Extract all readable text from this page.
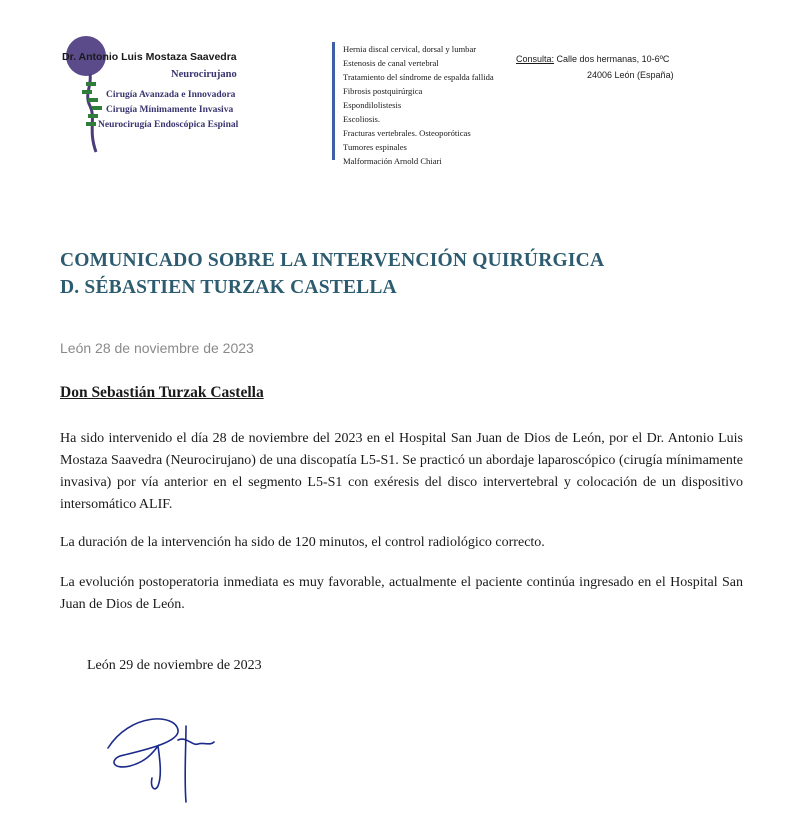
Dr. Antonio Luis Mostaza Saavedra
Neurocirujano
Cirugía Avanzada e Innovadora
Cirugía Mínimamente Invasiva
Neurocirugía Endoscópica Espinal
Hernia discal cervical, dorsal y lumbar
Estenosis de canal vertebral
Tratamiento del síndrome de espalda fallida
Fibrosis postquirúrgica
Espondilolistesis
Escoliosis.
Fracturas vertebrales. Osteoporóticas
Tumores espinales
Malformación Arnold Chiari
Consulta: Calle dos hermanas, 10-6ºC
24006 León (España)
COMUNICADO SOBRE LA INTERVENCIÓN QUIRÚRGICA
D. SÉBASTIEN TURZAK CASTELLA
León 28 de noviembre de 2023
Don Sebastián Turzak Castella
Ha sido intervenido el día 28 de noviembre del 2023 en el Hospital San Juan de Dios de León, por el Dr. Antonio Luis Mostaza Saavedra (Neurocirujano) de una discopatía L5-S1. Se practicó un abordaje laparoscópico (cirugía mínimamente invasiva) por vía anterior en el segmento L5-S1 con exéresis del disco intervertebral y colocación de un dispositivo intersomático ALIF.
La duración de la intervención ha sido de 120 minutos, el control radiológico correcto.
La evolución postoperatoria inmediata es muy favorable, actualmente el paciente continúa ingresado en el Hospital San Juan de Dios de León.
León 29 de noviembre de 2023
